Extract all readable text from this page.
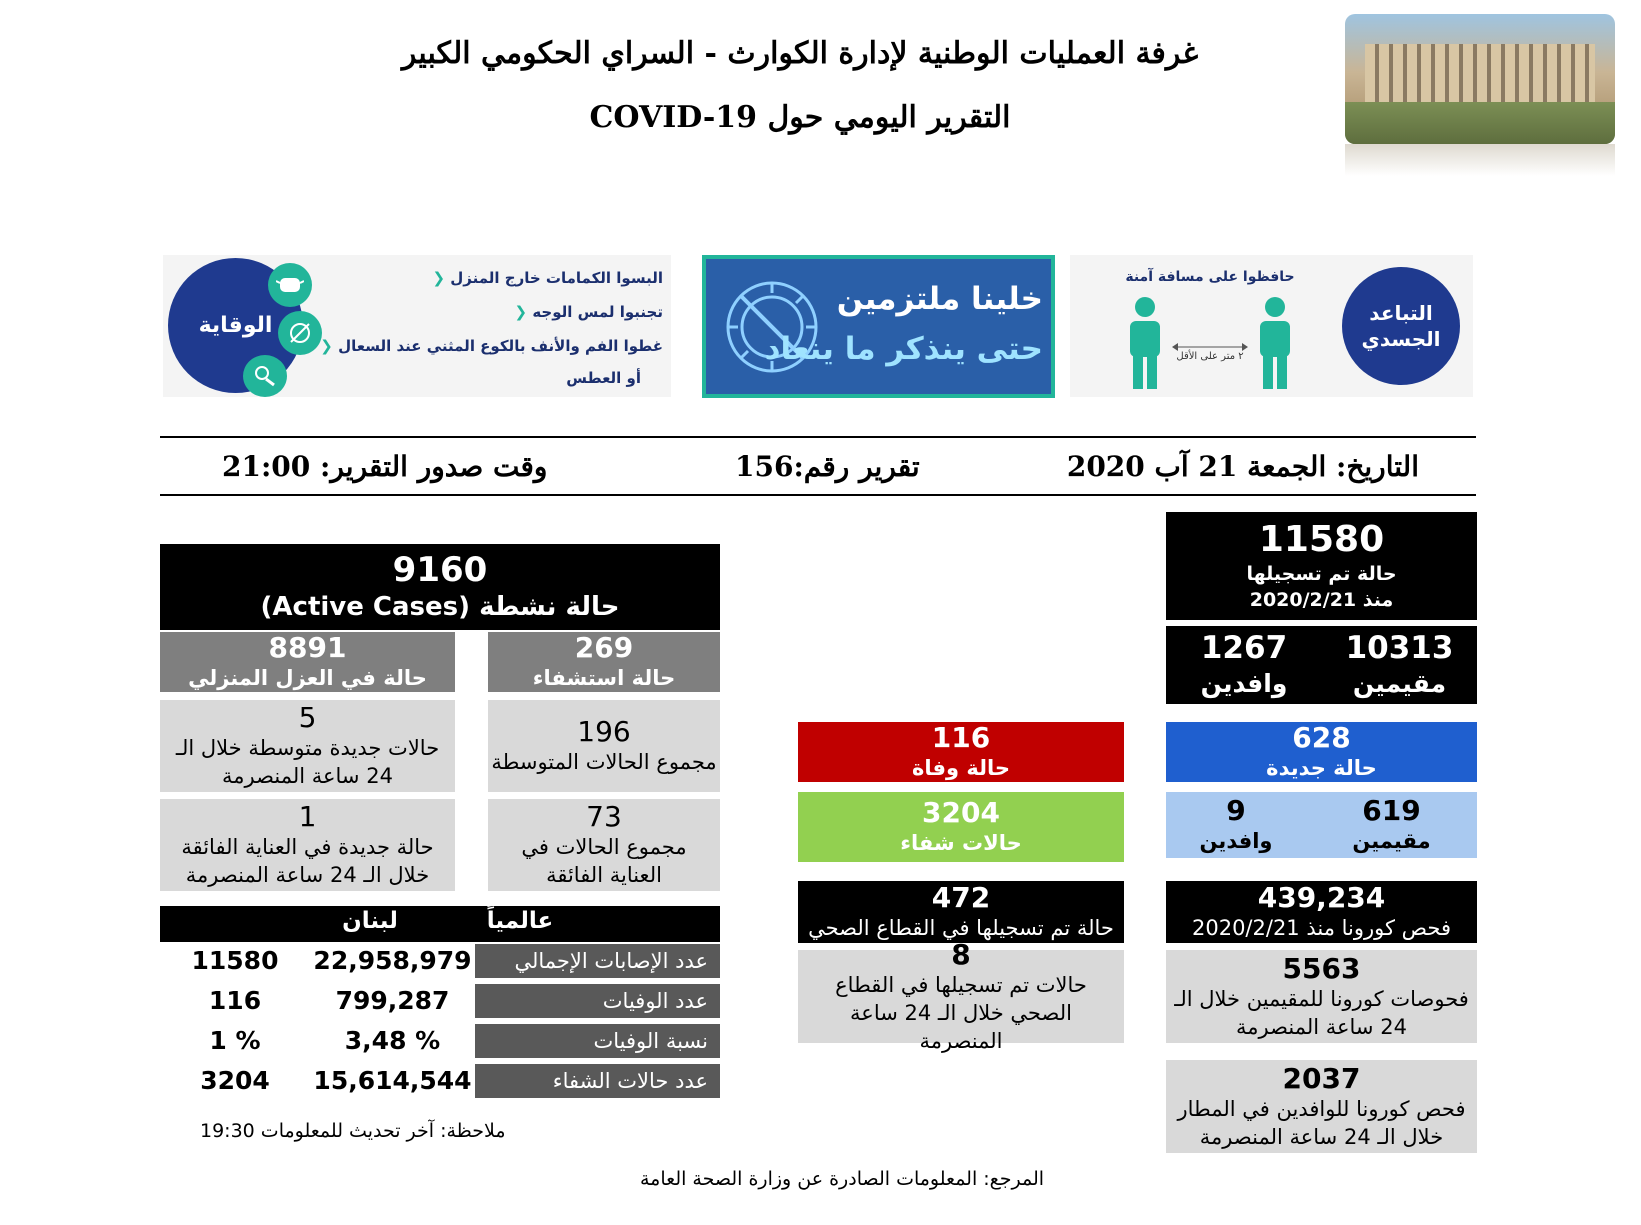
غرفة العمليات الوطنية لإدارة الكوارث - السراي الحكومي الكبير
التقرير اليومي حول COVID-19
الوقاية
البسوا الكمامات خارج المنزل ❮
تجنبوا لمس الوجه ❮
غطوا الفم والأنف بالكوع المثني عند السعال ❮
أو العطس
خلينا ملتزمين
حتى ينذكر ما ينعاد
التباعد
الجسدي
حافظوا على مسافة آمنة
٢ متر على الأقل
التاريخ: الجمعة 21 آب 2020
تقرير رقم:156
وقت صدور التقرير: 21:00
9160
حالة نشطة (Active Cases)
269
حالة استشفاء
8891
حالة في العزل المنزلي
196
مجموع الحالات المتوسطة
5
حالات جديدة متوسطة خلال الـ 24 ساعة المنصرمة
73
مجموع الحالات في العناية الفائقة
1
حالة جديدة في العناية الفائقة خلال الـ 24 ساعة المنصرمة
لبنان	عالمياً
عدد الإصابات الإجمالي
22,958,979
11580
عدد الوفيات
799,287
116
نسبة الوفيات
3,48 %
1 %
عدد حالات الشفاء
15,614,544
3204
ملاحظة: آخر تحديث للمعلومات 19:30
المرجع: المعلومات الصادرة عن وزارة الصحة العامة
116
حالة وفاة
3204
حالات شفاء
472
حالة تم تسجيلها في القطاع الصحي
8
حالات تم تسجيلها في القطاع الصحي خلال الـ 24 ساعة المنصرمة
11580
حالة تم تسجيلها
منذ 2020/2/21
10313
مقيمين
1267
وافدين
628
حالة جديدة
619
مقيمين
9
وافدين
439,234
فحص كورونا منذ 2020/2/21
5563
فحوصات كورونا للمقيمين خلال الـ 24 ساعة المنصرمة
2037
فحص كورونا للوافدين في المطار خلال الـ 24 ساعة المنصرمة
